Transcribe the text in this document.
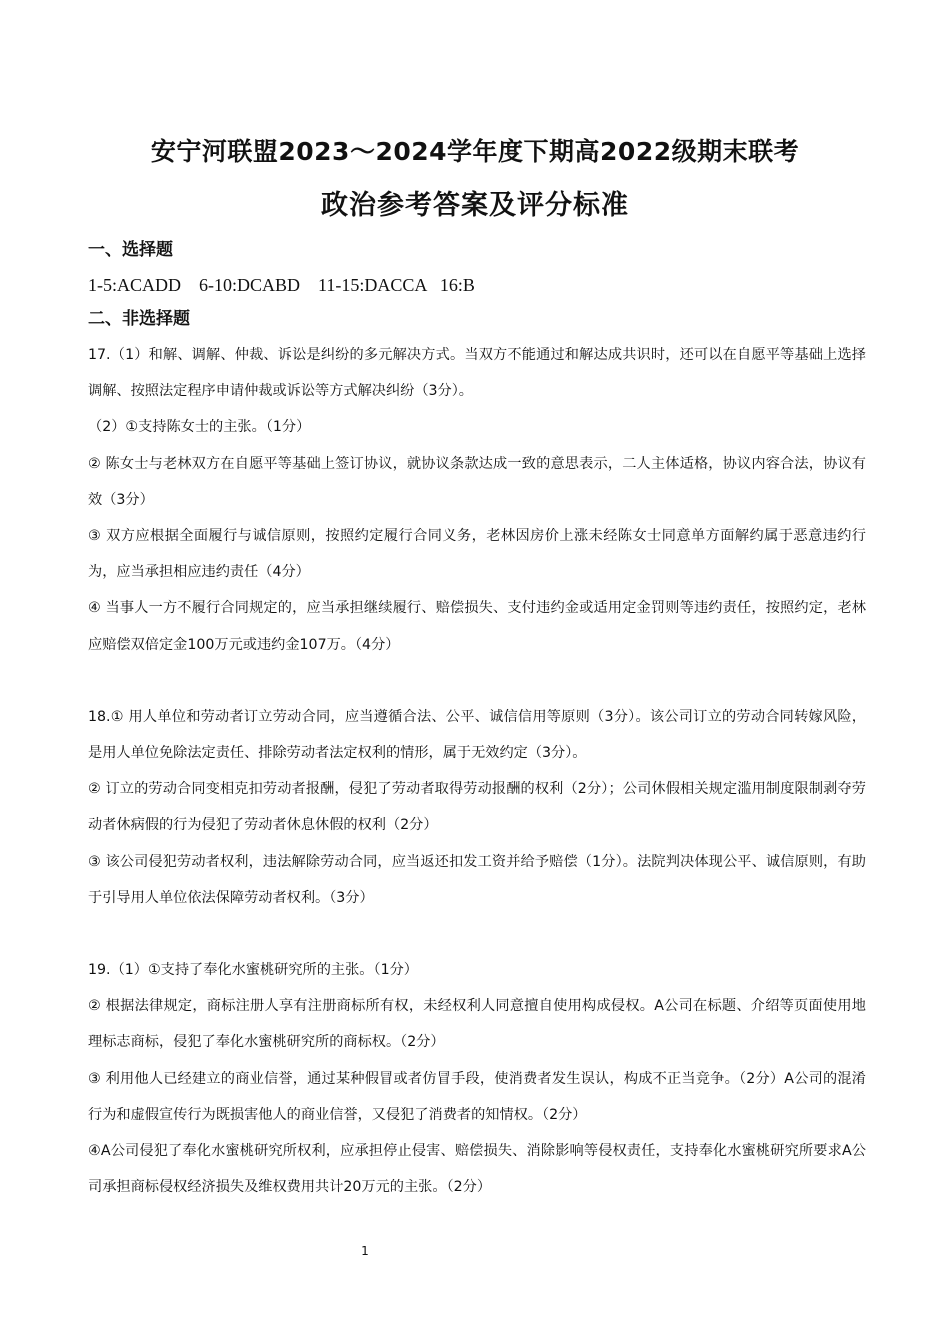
安宁河联盟2023～2024学年度下期高2022级期末联考
政治参考答案及评分标准
一、选择题
1-5:ACADD    6-10:DCABD    11-15:DACCA   16:B
二、非选择题

17.（1）和解、调解、仲裁、诉讼是纠纷的多元解决方式。当双方不能通过和解达成共识时，还可以在自愿平等基础上选择调解、按照法定程序申请仲裁或诉讼等方式解决纠纷（3分）。

（2）①支持陈女士的主张。（1分）

② 陈女士与老林双方在自愿平等基础上签订协议，就协议条款达成一致的意思表示，二人主体适格，协议内容合法，协议有效（3分）

③ 双方应根据全面履行与诚信原则，按照约定履行合同义务，老林因房价上涨未经陈女士同意单方面解约属于恶意违约行为，应当承担相应违约责任（4分）

④ 当事人一方不履行合同规定的，应当承担继续履行、赔偿损失、支付违约金或适用定金罚则等违约责任，按照约定，老林应赔偿双倍定金100万元或违约金107万。（4分）

18.① 用人单位和劳动者订立劳动合同，应当遵循合法、公平、诚信信用等原则（3分）。该公司订立的劳动合同转嫁风险，是用人单位免除法定责任、排除劳动者法定权利的情形，属于无效约定（3分）。

② 订立的劳动合同变相克扣劳动者报酬，侵犯了劳动者取得劳动报酬的权利（2分）；公司休假相关规定滥用制度限制剥夺劳动者休病假的行为侵犯了劳动者休息休假的权利（2分）

③ 该公司侵犯劳动者权利，违法解除劳动合同，应当返还扣发工资并给予赔偿（1分）。法院判决体现公平、诚信原则，有助于引导用人单位依法保障劳动者权利。（3分）

19.（1）①支持了奉化水蜜桃研究所的主张。（1分）

② 根据法律规定，商标注册人享有注册商标所有权，未经权利人同意擅自使用构成侵权。A公司在标题、介绍等页面使用地理标志商标，侵犯了奉化水蜜桃研究所的商标权。（2分）

③ 利用他人已经建立的商业信誉，通过某种假冒或者仿冒手段，使消费者发生误认，构成不正当竞争。（2分）A公司的混淆行为和虚假宣传行为既损害他人的商业信誉，又侵犯了消费者的知情权。（2分）

④A公司侵犯了奉化水蜜桃研究所权利，应承担停止侵害、赔偿损失、消除影响等侵权责任，支持奉化水蜜桃研究所要求A公司承担商标侵权经济损失及维权费用共计20万元的主张。（2分）

1
